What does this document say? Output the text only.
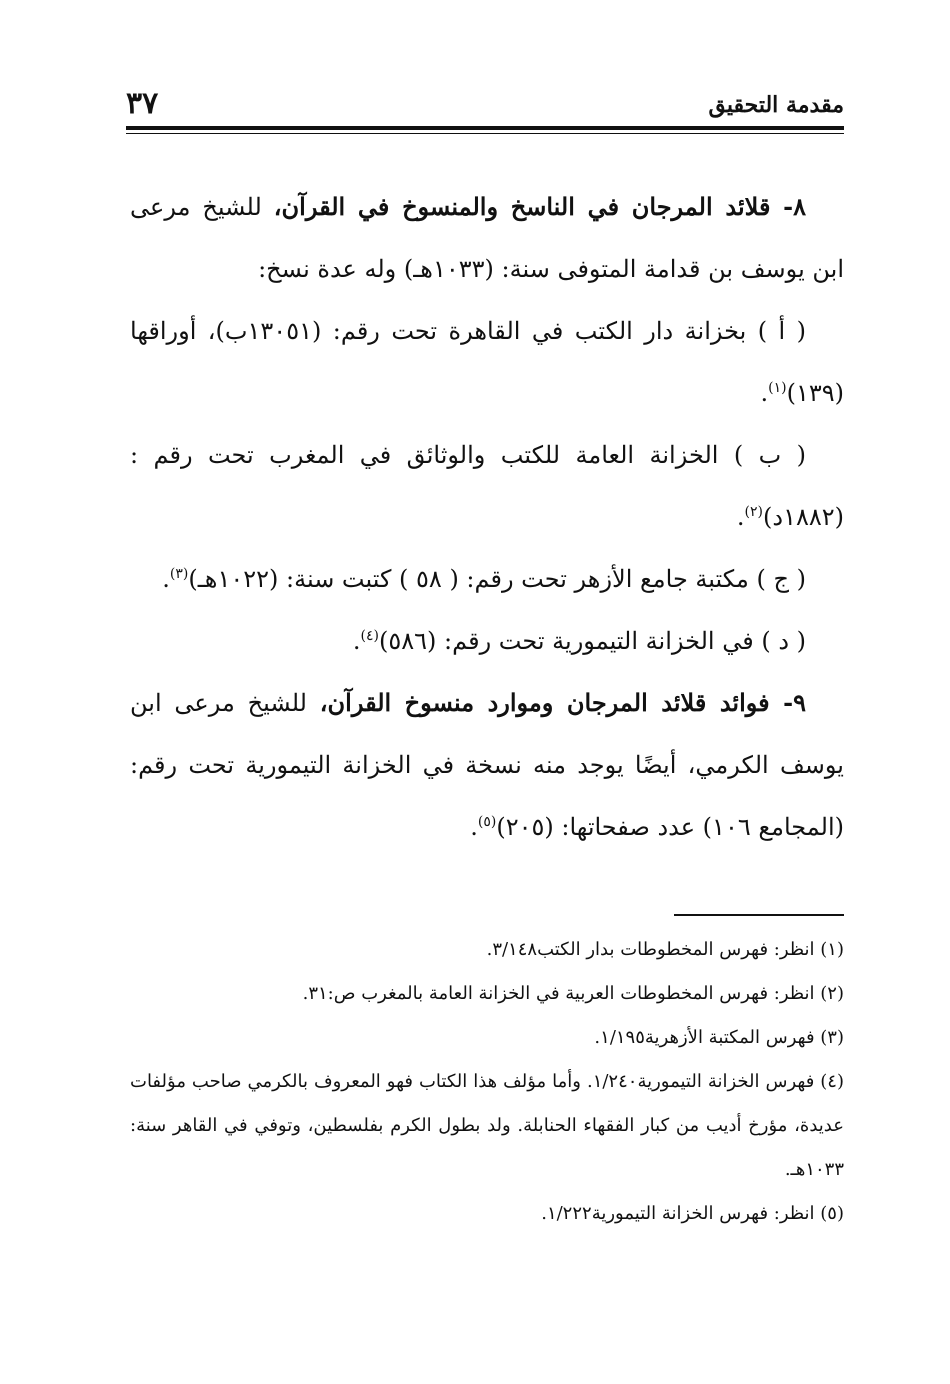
مقدمة التحقيق
٣٧

٨- قلائد المرجان في الناسخ والمنسوخ في القرآن، للشيخ مرعى ابن يوسف بن قدامة المتوفى سنة: (١٠٣٣هـ) وله عدة نسخ:

( أ ) بخزانة دار الكتب في القاهرة تحت رقم: (١٣٠٥١ب)، أوراقها (١٣٩)$^{(١)}$.

( ب ) الخزانة العامة للكتب والوثائق في المغرب تحت رقم : (١٨٨٢د)$^{(٢)}$.

( ج ) مكتبة جامع الأزهر تحت رقم: ( ٥٨ ) كتبت سنة: (١٠٢٢هـ)$^{(٣)}$.

( د ) في الخزانة التيمورية تحت رقم: (٥٨٦)$^{(٤)}$.

٩- فوائد قلائد المرجان وموارد منسوخ القرآن، للشيخ مرعى ابن يوسف الكرمي، أيضًا يوجد منه نسخة في الخزانة التيمورية تحت رقم: (المجامع ١٠٦) عدد صفحاتها: (٢٠٥)$^{(٥)}$.

(١) انظر: فهرس المخطوطات بدار الكتب٣/١٤٨.

(٢) انظر: فهرس المخطوطات العربية في الخزانة العامة بالمغرب ص:٣١.

(٣) فهرس المكتبة الأزهرية١/١٩٥.

(٤) فهرس الخزانة التيمورية١/٢٤٠. وأما مؤلف هذا الكتاب فهو المعروف بالكرمي صاحب مؤلفات عديدة، مؤرخ أديب من كبار الفقهاء الحنابلة. ولد بطول الكرم بفلسطين، وتوفي في القاهر سنة: ١٠٣٣هـ.

(٥) انظر: فهرس الخزانة التيمورية١/٢٢٢.
